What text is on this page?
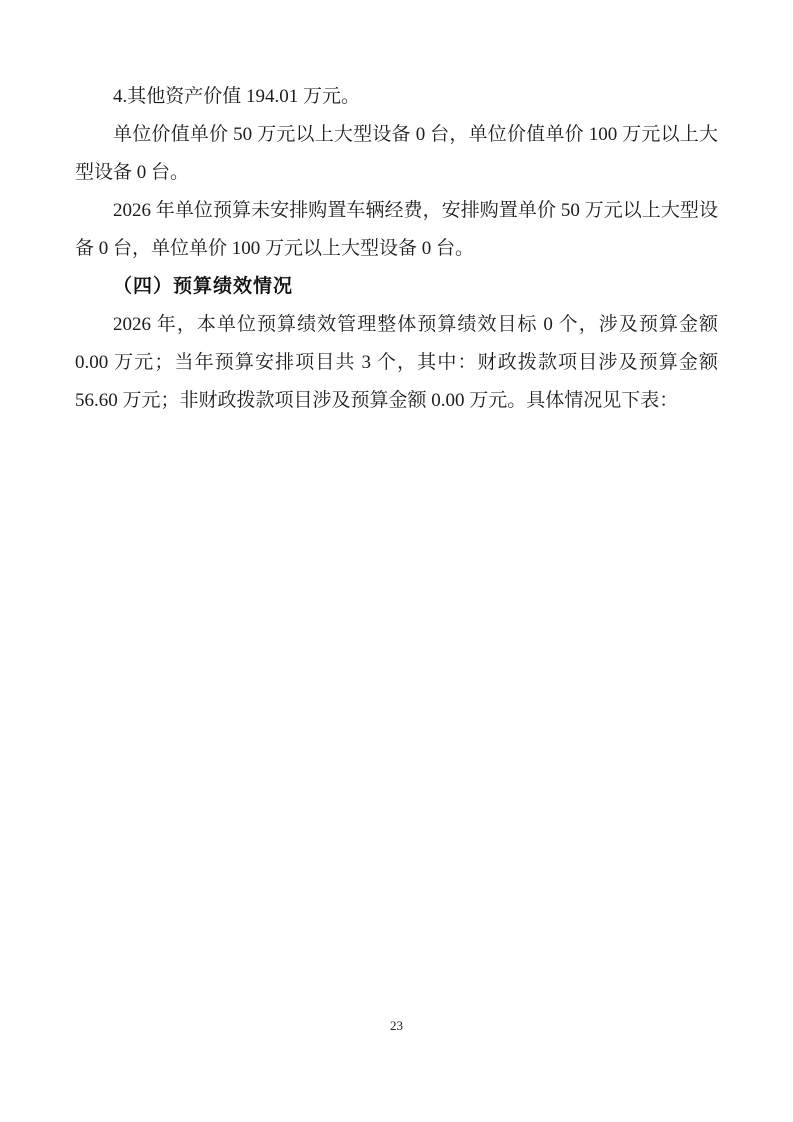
4.其他资产价值 194.01 万元。
单位价值单价 50 万元以上大型设备 0 台，单位价值单价 100 万元以上大
型设备 0 台。
2026 年单位预算未安排购置车辆经费，安排购置单价 50 万元以上大型设
备 0 台，单位单价 100 万元以上大型设备 0 台。
（四）预算绩效情况
2026 年，本单位预算绩效管理整体预算绩效目标 0 个，涉及预算金额
0.00 万元；当年预算安排项目共 3 个，其中：财政拨款项目涉及预算金额
56.60 万元；非财政拨款项目涉及预算金额 0.00 万元。具体情况见下表：
23
